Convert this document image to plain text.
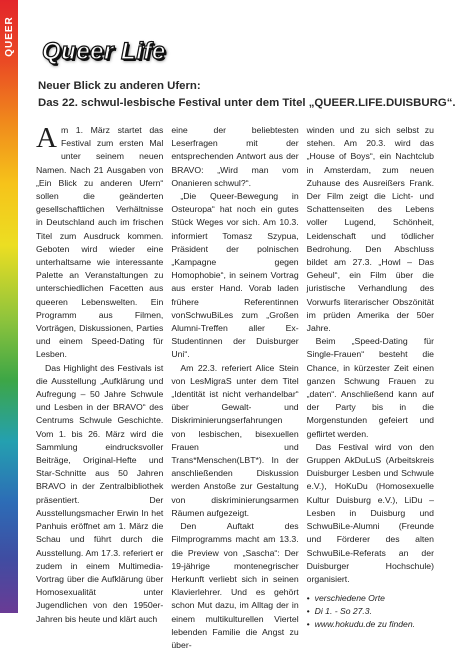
QUEER Queer Life
Neuer Blick zu anderen Ufern:
Das 22. schwul-lesbische Festival unter dem Titel „QUEER.LIFE.DUISBURG“.
A m 1. März startet das Festival zum ersten Mal unter seinem neuen Namen. Nach 21 Ausgaben von „Ein Blick zu anderen Ufern“ sollen die geänderten gesellschaftlichen Verhältnisse in Deutschland auch im frischen Titel zum Ausdruck kommen. Geboten wird wieder eine unterhaltsame wie interessante Palette an Veranstaltungen zu unterschiedlichen Facetten aus queeren Lebenswelten. Ein Programm aus Filmen, Vorträgen, Diskussionen, Parties und einem Speed-Dating für Lesben.

Das Highlight des Festivals ist die Ausstellung „Aufklärung und Aufregung – 50 Jahre Schwule und Lesben in der BRAVO“ des Centrums Schwule Geschichte. Vom 1. bis 26. März wird die Sammlung eindrucksvoller Beiträge, Original-Hefte und Star-Schnitte aus 50 Jahren BRAVO in der Zentralbibliothek präsentiert. Der Ausstellungsmacher Erwin In het Panhuis eröffnet am 1. März die Schau und führt durch die Ausstellung. Am 17.3. referiert er zudem in einem Multimedia-Vortrag über die Aufklärung über Homosexualität unter Jugendlichen von den 1950er-Jahren bis heute und klärt auch

eine der beliebtesten Leserfragen mit der entsprechenden Antwort aus der BRAVO: „Wird man vom Onanieren schwul?“.

„Die Queer-Bewegung in Osteuropa“ hat noch ein gutes Stück Weges vor sich. Am 10.3. informiert Tomasz Szypua, Präsident der polnischen „Kampagne gegen Homophobie“, in seinem Vortrag aus erster Hand. Vorab laden frühere Referentinnen vonSchwuBiLes zum „Großen Alumni-Treffen aller Ex-Studentinnen der Duisburger Uni“.

Am 22.3. referiert Alice Stein von LesMigraS unter dem Titel „Identität ist nicht verhandelbar“ über Gewalt- und Diskriminierungserfahrungen von lesbischen, bisexuellen Frauen und Trans*Menschen(LBT*). In der anschließenden Diskussion werden Anstoße zur Gestaltung von diskriminierungsarmen Räumen aufgezeigt.

Den Auftakt des Filmprogramms macht am 13.3. die Preview von „Sascha“: Der 19-jährige montenegrischer Herkunft verliebt sich in seinen Klavierlehrer. Und es gehört schon Mut dazu, im Alltag der in einem multikulturellen Viertel lebenden Familie die Angst zu über-

winden und zu sich selbst zu stehen. Am 20.3. wird das „House of Boys“, ein Nachtclub in Amsterdam, zum neuen Zuhause des Ausreißers Frank. Der Film zeigt die Licht- und Schattenseiten des Lebens voller Lugend, Schönheit, Leidenschaft und tödlicher Bedrohung. Den Abschluss bildet am 27.3. „Howl – Das Geheul“, ein Film über die juristische Verhandlung des Vorwurfs literarischer Obszönität im prüden Amerika der 50er Jahre.

Beim „Speed-Dating für Single-Frauen“ besteht die Chance, in kürzester Zeit einen ganzen Schwung Frauen zu „daten“. Anschließend kann auf der Party bis in die Morgenstunden gefeiert und geflirtet werden.

Das Festival wird von den Gruppen AkDuLuS (Arbeitskreis Duisburger Lesben und Schwule e.V.), HoKuDu (Homosexuelle Kultur Duisburg e.V.), LiDu – Lesben in Duisburg und SchwuBiLe-Alumni (Freunde und Förderer des alten SchwuBiLe-Referats an der Duisburger Hochschule) organisiert.

• verschiedene Orte
• Di 1. - So 27.3.
• www.hokudu.de zu finden.
